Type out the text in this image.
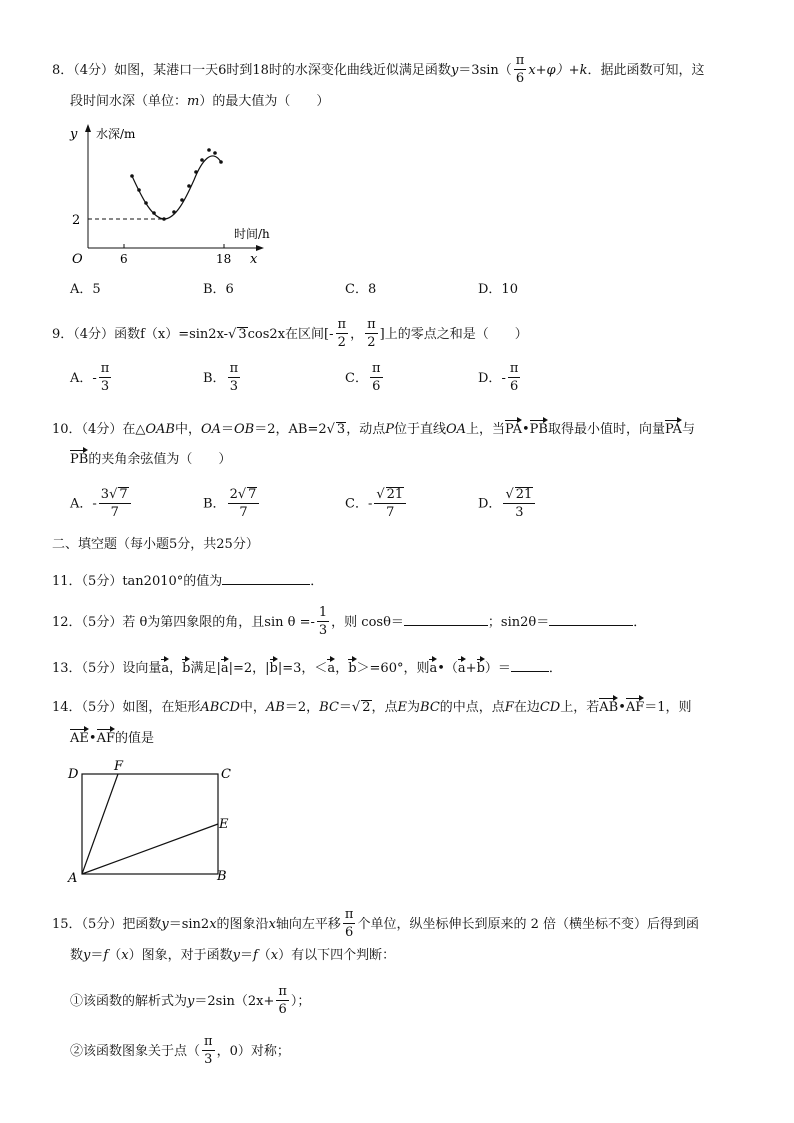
8．（4分）如图，某港口一天6时到18时的水深变化曲线近似满足函数$y=3\sin( \frac{\pi}{6} x+\varphi)+k$．据此函数可知，这
段时间水深（单位：m）的最大值为（　　）
y 水深/m
2
时间/h
x
O	6	18
A．5	B．6	C．8	D．10
9．（4分）函数f（x）=sin2x-√ 3cos2x在区间[- $\frac{\pi}{2}$ ， $\frac{\pi}{2}$ ]上的零点之和是（　　）
A．- $\frac{\pi}{3}$	B． $\frac{\pi}{3}$	C． $\frac{\pi}{6}$	D．- $\frac{\pi}{6}$
10．（4分）在△OAB中，OA＝OB＝2，AB=2√ 3，动点P位于直线OA上，当PA•PB取得最小值时，向量PA与
PB的夹角余弦值为（　　）
A．- $\frac{3√ 7}{7}$	B． $\frac{2√ 7}{7}$	C．- $\frac{√ 21}{7}$	D． $\frac{√ 21}{3}$
二、填空题（每小题5分，共25分）
11．（5分）tan2010°的值为	．
12．（5分）若 θ为第四象限的角，且$\sin \theta =- \frac{1}{3}$ ，则 cosθ＝	；sin2θ＝	．
13．（5分）设向量a，b满足|a|=2，|b|=3，＜a，b＞=60°，则a•（a+b）＝	．
14．（5分）如图，在矩形ABCD中，AB＝2，BC＝√ 2，点E为BC的中点，点F在边CD上，若AB•AF＝1，则
AE•AF的值是
D
F
C
E
A	B
15．（5分）把函数y＝sin2x的图象沿x轴向左平移 $\frac{\pi}{6}$ 个单位，纵坐标伸长到原来的 2 倍（横坐标不变）后得到函
数y＝f（x）图象，对于函数y＝f（x）有以下四个判断：
①该函数的解析式为$y=2\sin(2x+ \frac{\pi}{6}$ ）；
②该函数图象关于点（ $\frac{\pi}{3}$ ，0）对称；
